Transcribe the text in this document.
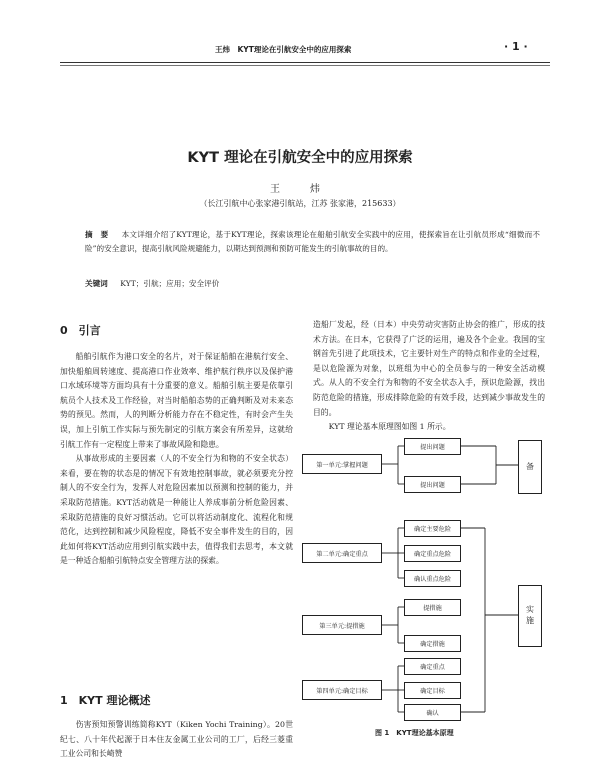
王炜　KYT理论在引航安全中的应用探索	· 1 ·
KYT 理论在引航安全中的应用探索
王　炜
（长江引航中心张家港引航站，江苏 张家港，215633）
摘　要 　 本文详细介绍了KYT理论，基于KYT理论，探索该理论在船舶引航安全实践中的应用，使探索旨在让引航员形成“细微而不险”的安全意识，提高引航风险规避能力，以期达到预测和预防可能发生的引航事故的目的。
关键词 　 KYT；引航；应用；安全评价
0　引言

船舶引航作为港口安全的名片，对于保证船舶在港航行安全、加快船舶周转速度、提高港口作业效率、维护航行秩序以及保护港口水域环境等方面均具有十分重要的意义。船舶引航主要是依靠引航员个人技术及工作经验，对当时船舶态势的正确判断及对未来态势的预见。然而，人的判断分析能力存在不稳定性，有时会产生失误，加上引航工作实际与预先制定的引航方案会有所差异，这就给引航工作有一定程度上带来了事故风险和隐患。

从事故形成的主要因素（人的不安全行为和物的不安全状态）来看，要在物的状态是的情况下有效地控制事故，就必须要充分控制人的不安全行为，发挥人对危险因素加以预测和控制的能力，并采取防范措施。KYT活动就是一种能让人养成事前分析危险因素、采取防范措施的良好习惯活动。它可以将活动制度化、流程化和规范化，达到控制和减少风险程度，降低不安全事件发生的目的，因此如何将KYT活动应用到引航实践中去，值得我们去思考，本文就是一种适合船舶引航特点安全管理方法的探索。

1　KYT 理论概述

伤害预知预警训练简称KYT（Kiken Yochi Training）。20世纪七、八十年代起源于日本住友金属工业公司的工厂，后经三菱重工业公司和长崎赞

造船厂发起，经（日本）中央劳动灾害防止协会的推广，形成的技术方法。在日本，它获得了广泛的运用，遍及各个企业。我国的宝钢首先引进了此项技术，它主要针对生产的特点和作业的全过程，是以危险源为对象，以班组为中心的全员参与的一种安全活动模式。从人的不安全行为和物的不安全状态入手，预识危险源，找出防范危险的措施，形成排除危险的有效手段，达到减少事故发生的目的。

KYT 理论基本原理图如图 1 所示。

第一单元:掌握问题
提出问题
提出问题
第二单元:确定重点
确定主要危险
确定重点危险
确认重点危险
第三单元:提措施
提措施
确定措施
第四单元:确定目标
确定重点
确定目标
确认
备
实施
图 1　KYT理论基本原理
